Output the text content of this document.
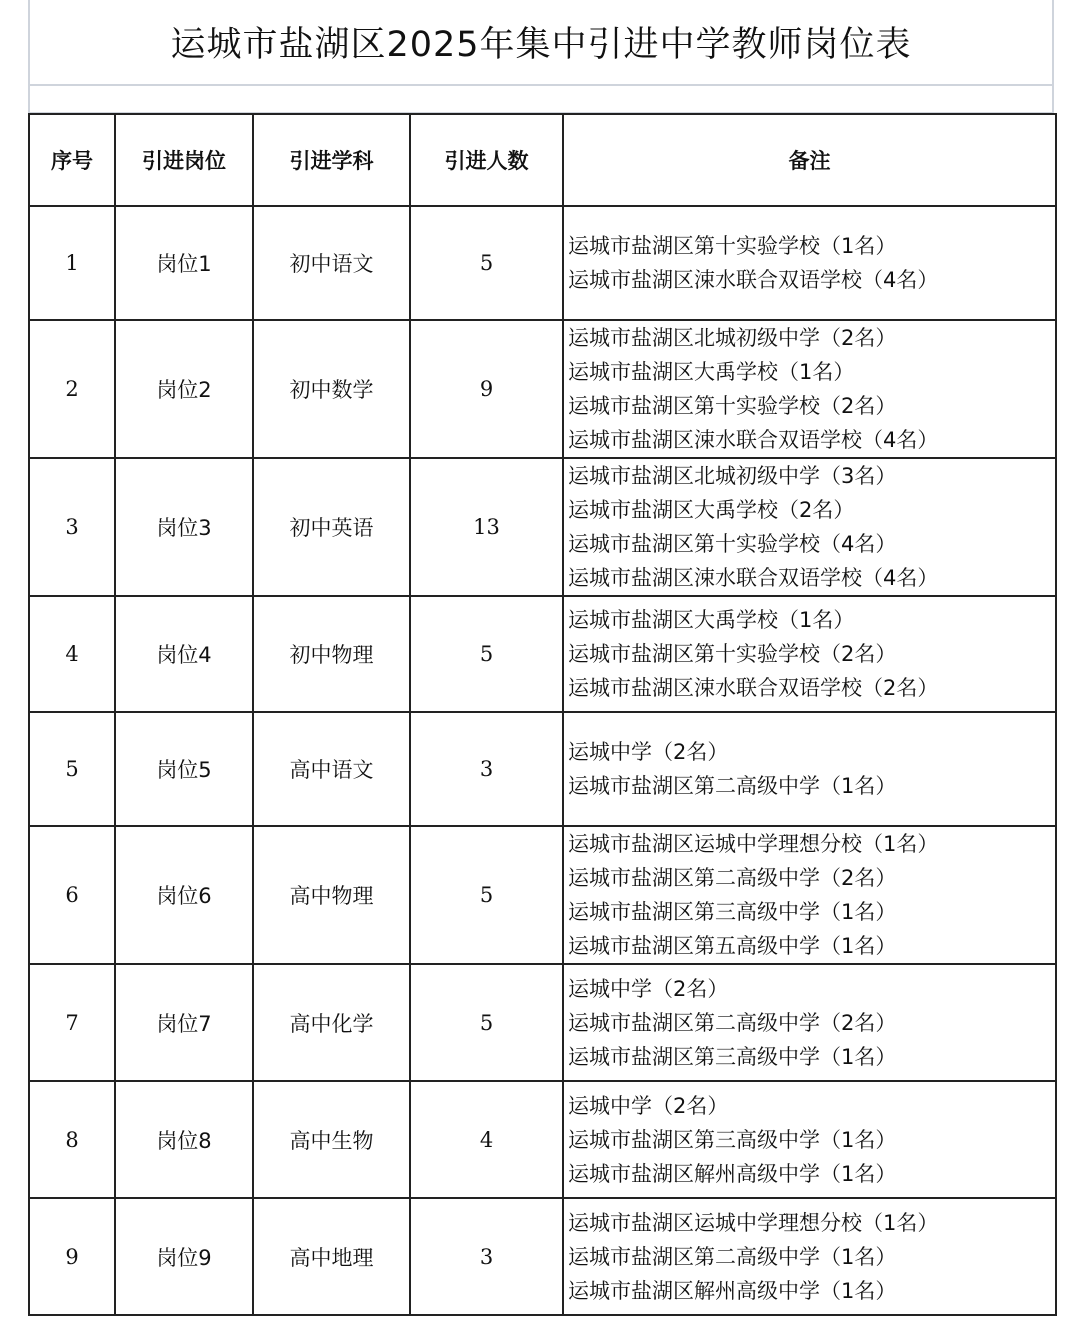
运城市盐湖区2025年集中引进中学教师岗位表
序号	引进岗位	引进学科	引进人数	备注
1	岗位1	初中语文	5	运城市盐湖区第十实验学校（1名）
运城市盐湖区涑水联合双语学校（4名）

2	岗位2	初中数学	9	运城市盐湖区北城初级中学（2名）
运城市盐湖区大禹学校（1名）
运城市盐湖区第十实验学校（2名）
运城市盐湖区涑水联合双语学校（4名）

3	岗位3	初中英语	13	运城市盐湖区北城初级中学（3名）
运城市盐湖区大禹学校（2名）
运城市盐湖区第十实验学校（4名）
运城市盐湖区涑水联合双语学校（4名）

4	岗位4	初中物理	5	运城市盐湖区大禹学校（1名）
运城市盐湖区第十实验学校（2名）
运城市盐湖区涑水联合双语学校（2名）

5	岗位5	高中语文	3	运城中学（2名）
运城市盐湖区第二高级中学（1名）

6	岗位6	高中物理	5	运城市盐湖区运城中学理想分校（1名）
运城市盐湖区第二高级中学（2名）
运城市盐湖区第三高级中学（1名）
运城市盐湖区第五高级中学（1名）

7	岗位7	高中化学	5	运城中学（2名）
运城市盐湖区第二高级中学（2名）
运城市盐湖区第三高级中学（1名）

8	岗位8	高中生物	4	运城中学（2名）
运城市盐湖区第三高级中学（1名）
运城市盐湖区解州高级中学（1名）

9	岗位9	高中地理	3	运城市盐湖区运城中学理想分校（1名）
运城市盐湖区第二高级中学（1名）
运城市盐湖区解州高级中学（1名）
